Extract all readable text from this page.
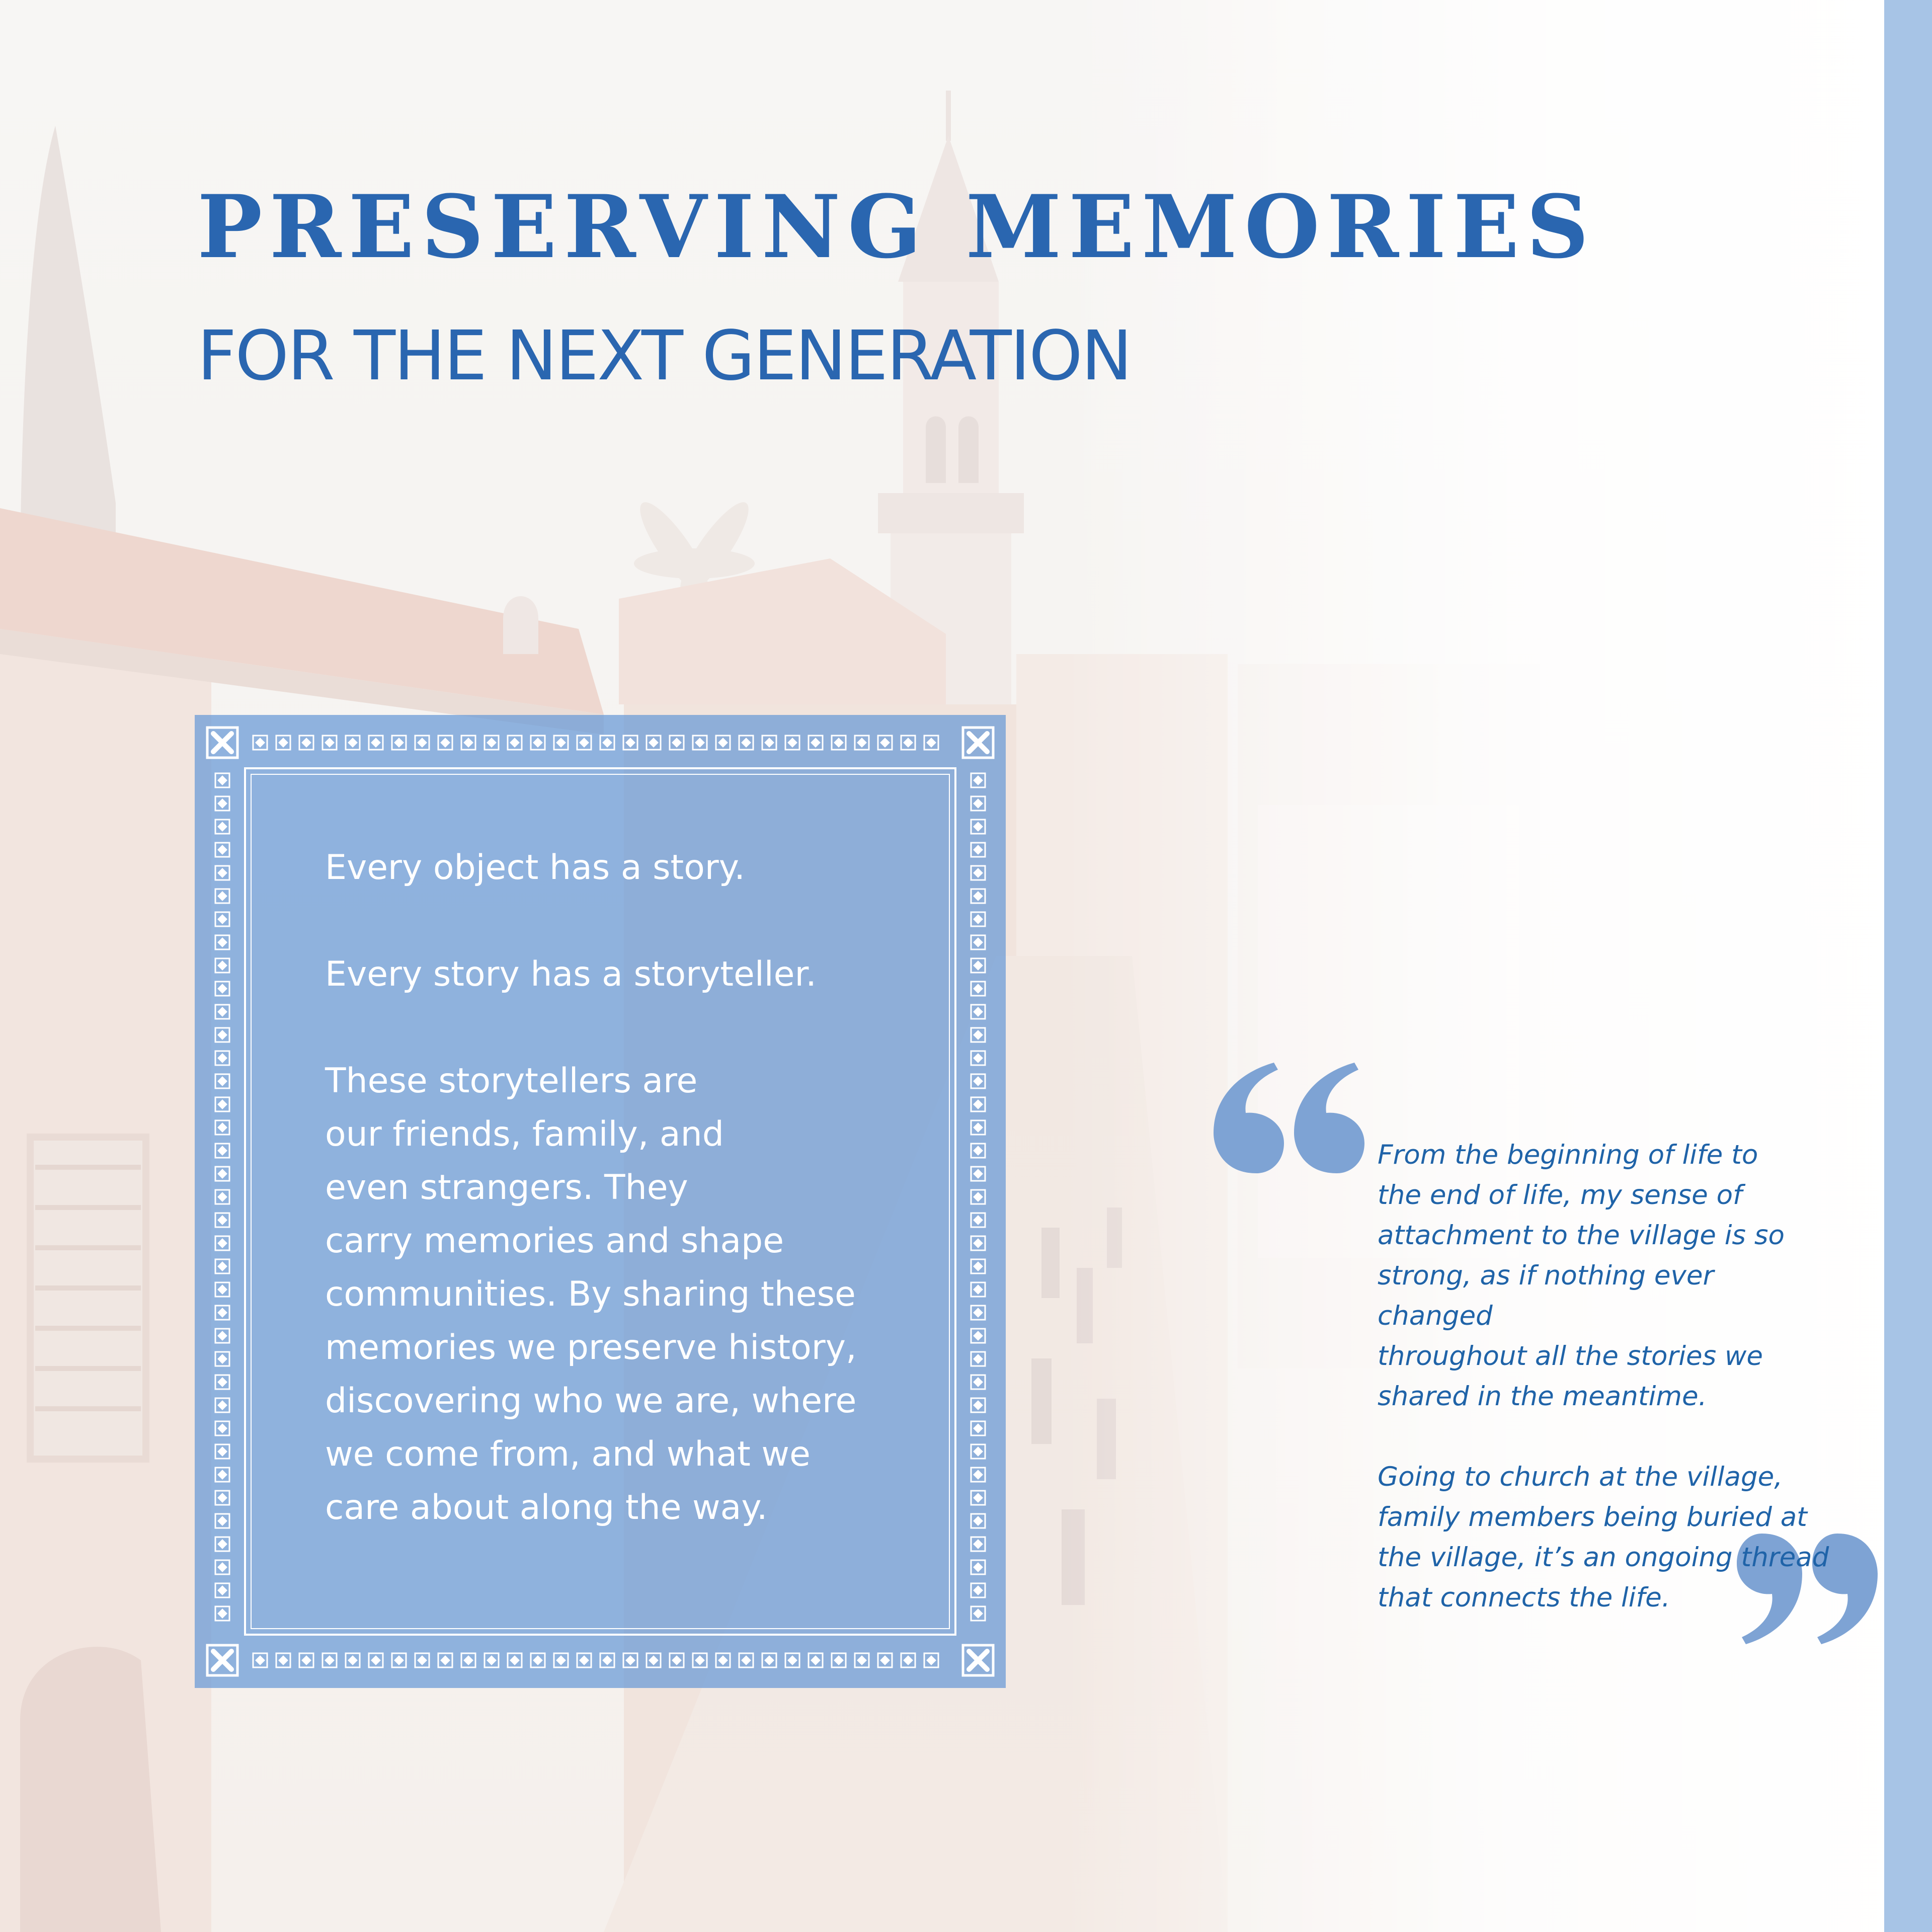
PRESERVING MEMORIES
FOR THE NEXT GENERATION

Every object has a story.

Every story has a storyteller.

These storytellers are

our friends, family, and

even strangers. They

carry memories and shape

communities. By sharing these

memories we preserve history,

discovering who we are, where

we come from, and what we

care about along the way.

From the beginning of life to

the end of life, my sense of

attachment to the village is so

strong, as if nothing ever changed

throughout all the stories we

shared in the meantime.

Going to church at the village,

family members being buried at

the village, it’s an ongoing thread

that connects the life.
